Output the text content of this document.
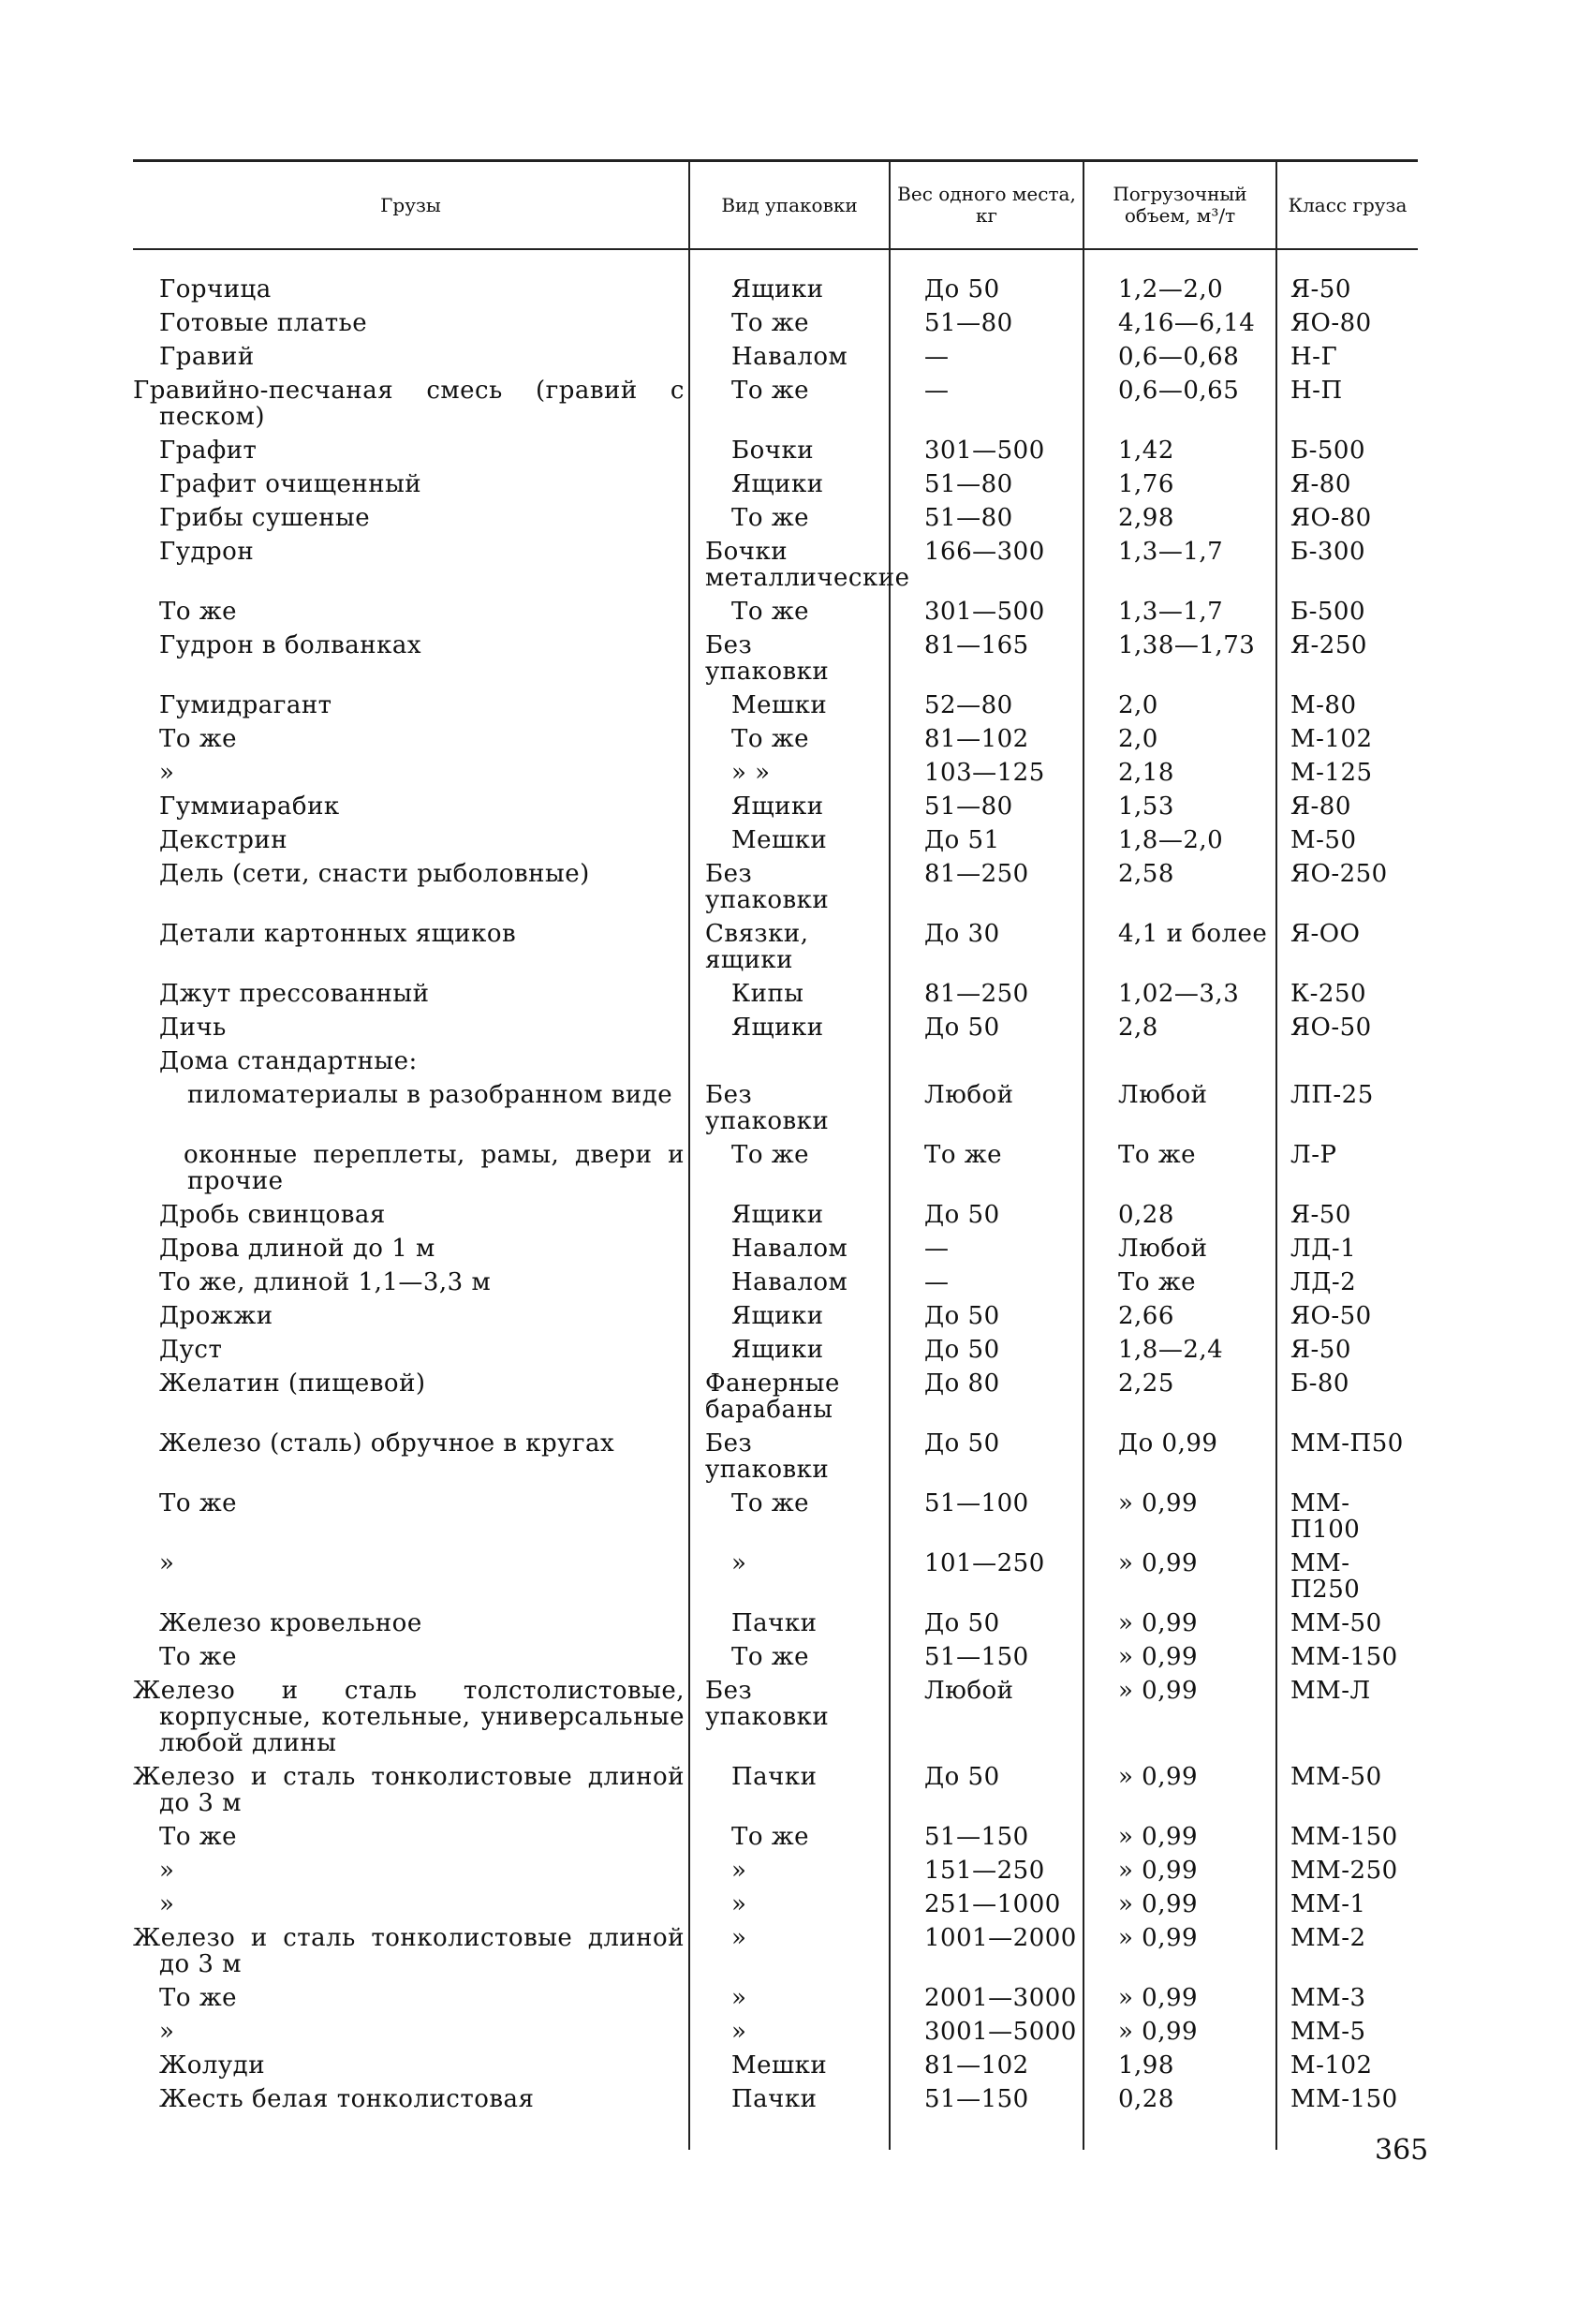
Грузы	Вид упаковки	Вес одного места, кг	Погрузочный объем, м³/т	Класс груза
Горчица	Ящики	До 50	1,2—2,0	Я-50
Готовые платье	То же	51—80	4,16—6,14	ЯО-80
Гравий	Навалом	—	0,6—0,68	Н-Г
Гравийно-песчаная смесь (гравий с песком)	То же	—	0,6—0,65	Н-П
Графит	Бочки	301—500	1,42	Б-500
Графит очищенный	Ящики	51—80	1,76	Я-80
Грибы сушеные	То же	51—80	2,98	ЯО-80
Гудрон	Бочки металлические	166—300	1,3—1,7	Б-300
То же	То же	301—500	1,3—1,7	Б-500
Гудрон в болванках	Без упаковки	81—165	1,38—1,73	Я-250
Гумидрагант	Мешки	52—80	2,0	М-80
То же	То же	81—102	2,0	М-102
»	» »	103—125	2,18	М-125
Гуммиарабик	Ящики	51—80	1,53	Я-80
Декстрин	Мешки	До 51	1,8—2,0	М-50
Дель (сети, снасти рыболовные)	Без упаковки	81—250	2,58	ЯО-250
Детали картонных ящиков	Связки, ящики	До 30	4,1 и более	Я-ОО
Джут прессованный	Кипы	81—250	1,02—3,3	К-250
Дичь	Ящики	До 50	2,8	ЯО-50
Дома стандартные:				
пиломатериалы в разобранном виде	Без упаковки	Любой	Любой	ЛП-25
оконные переплеты, рамы, двери и прочие	То же	То же	То же	Л-Р
Дробь свинцовая	Ящики	До 50	0,28	Я-50
Дрова длиной до 1 м	Навалом	—	Любой	ЛД-1
То же, длиной 1,1—3,3 м	Навалом	—	То же	ЛД-2
Дрожжи	Ящики	До 50	2,66	ЯО-50
Дуст	Ящики	До 50	1,8—2,4	Я-50
Желатин (пищевой)	Фанерные барабаны	До 80	2,25	Б-80
Железо (сталь) обручное в кругах	Без упаковки	До 50	До 0,99	ММ-П50
То же	То же	51—100	» 0,99	ММ-П100
»	»	101—250	» 0,99	ММ-П250
Железо кровельное	Пачки	До 50	» 0,99	ММ-50
То же	То же	51—150	» 0,99	ММ-150
Железо и сталь толстолистовые, корпусные, котельные, универсальные любой длины	Без упаковки	Любой	» 0,99	ММ-Л
Железо и сталь тонколистовые длиной до 3 м	Пачки	До 50	» 0,99	ММ-50
То же	То же	51—150	» 0,99	ММ-150
»	»	151—250	» 0,99	ММ-250
»	»	251—1000	» 0,99	ММ-1
Железо и сталь тонколистовые длиной до 3 м	»	1001—2000	» 0,99	ММ-2
То же	»	2001—3000	» 0,99	ММ-3
»	»	3001—5000	» 0,99	ММ-5
Жолуди	Мешки	81—102	1,98	М-102
Жесть белая тонколистовая	Пачки	51—150	0,28	ММ-150
365
